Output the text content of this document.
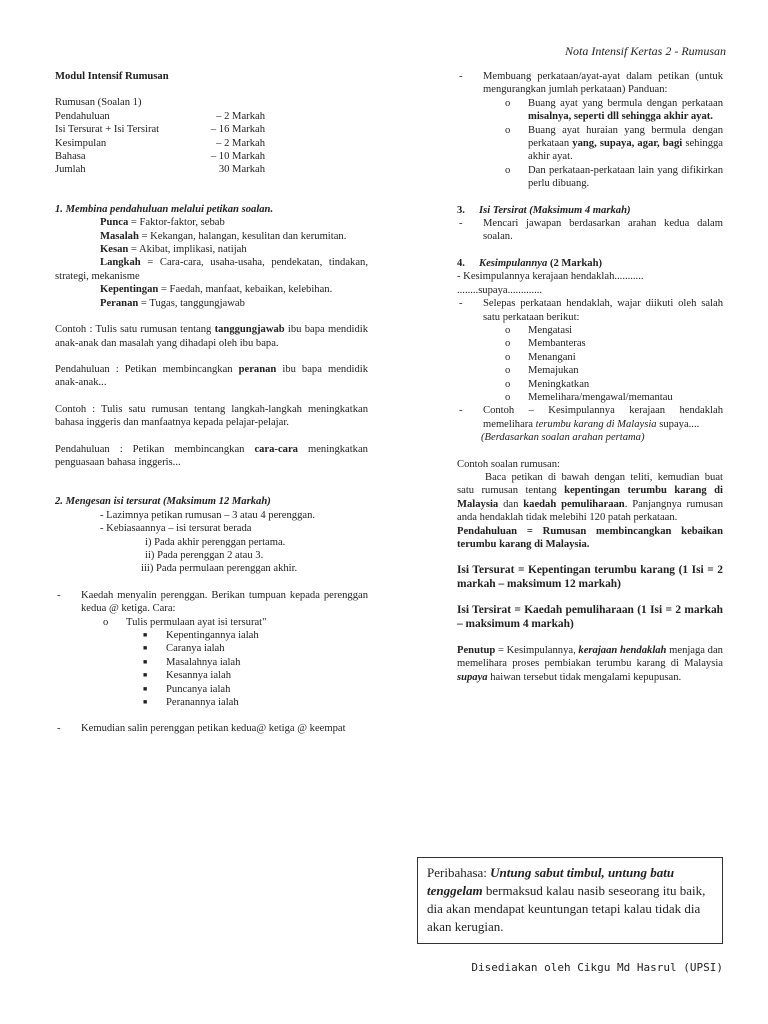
Nota Intensif Kertas 2 - Rumusan

Modul Intensif Rumusan

Rumusan (Soalan 1)

Pendahuluan	– 2 Markah
Isi Tersurat + Isi Tersirat	– 16 Markah
Kesimpulan	– 2 Markah
Bahasa	– 10 Markah
Jumlah	30 Markah

1. Membina pendahuluan melalui petikan soalan.

Punca = Faktor-faktor, sebab

Masalah = Kekangan, halangan, kesulitan dan kerumitan.

Kesan = Akibat, implikasi, natijah

Langkah = Cara-cara, usaha-usaha, pendekatan, tindakan, strategi, mekanisme

Kepentingan = Faedah, manfaat, kebaikan, kelebihan.

Peranan = Tugas, tanggungjawab

Contoh : Tulis satu rumusan tentang tanggungjawab ibu bapa mendidik anak-anak dan masalah yang dihadapi oleh ibu bapa.

Pendahuluan : Petikan membincangkan peranan ibu bapa mendidik anak-anak...

Contoh : Tulis satu rumusan tentang langkah-langkah meningkatkan bahasa inggeris dan manfaatnya kepada pelajar-pelajar.

Pendahuluan : Petikan membincangkan cara-cara meningkatkan penguasaan bahasa inggeris...

2. Mengesan isi tersurat (Maksimum 12 Markah)

- Lazimnya petikan rumusan – 3 atau 4 perenggan.

- Kebiasaannya – isi tersurat berada

i) Pada akhir perenggan pertama.

ii) Pada perenggan 2 atau 3.

iii) Pada permulaan perenggan akhir.

-	Kaedah menyalin perenggan. Berikan tumpuan kepada perenggan kedua @ ketiga. Cara:
o	Tulis permulaan ayat isi tersurat"
■	Kepentingannya ialah
■	Caranya ialah
■	Masalahnya ialah
■	Kesannya ialah
■	Puncanya ialah
■	Peranannya ialah
-	Kemudian salin perenggan petikan kedua@ ketiga @ keempat
-	Membuang perkataan/ayat-ayat dalam petikan (untuk mengurangkan jumlah perkataan) Panduan:
o	Buang ayat yang bermula dengan perkataan misalnya, seperti dll sehingga akhir ayat.
o	Buang ayat huraian yang bermula dengan perkataan yang, supaya, agar, bagi sehingga akhir ayat.
o	Dan perkataan-perkataan lain yang difikirkan perlu dibuang.
3.	Isi Tersirat (Maksimum 4 markah)
-	Mencari jawapan berdasarkan arahan kedua dalam soalan.
4.	Kesimpulannya (2 Markah)

- Kesimpulannya kerajaan hendaklah...........

........supaya.............

-	Selepas perkataan hendaklah, wajar diikuti oleh salah satu perkataan berikut:
o	Mengatasi
o	Membanteras
o	Menangani
o	Memajukan
o	Meningkatkan
o	Memelihara/mengawal/memantau
-	Contoh – Kesimpulannya kerajaan hendaklah memelihara terumbu karang di Malaysia supaya....

(Berdasarkan soalan arahan pertama)

Contoh soalan rumusan:

Baca petikan di bawah dengan teliti, kemudian buat satu rumusan tentang kepentingan terumbu karang di Malaysia dan kaedah pemuliharaan. Panjangnya rumusan anda hendaklah tidak melebihi 120 patah perkataan.

Pendahuluan = Rumusan membincangkan kebaikan terumbu karang di Malaysia.

Isi Tersurat = Kepentingan terumbu karang (1 Isi = 2 markah – maksimum 12 markah)

Isi Tersirat = Kaedah pemuliharaan (1 Isi = 2 markah – maksimum 4 markah)

Penutup = Kesimpulannya, kerajaan hendaklah menjaga dan memelihara proses pembiakan terumbu karang di Malaysia supaya haiwan tersebut tidak mengalami kepupusan.

Peribahasa: Untung sabut timbul, untung batu tenggelam bermaksud kalau nasib seseorang itu baik, dia akan mendapat keuntungan tetapi kalau tidak dia akan kerugian.
Disediakan oleh Cikgu Md Hasrul (UPSI)
